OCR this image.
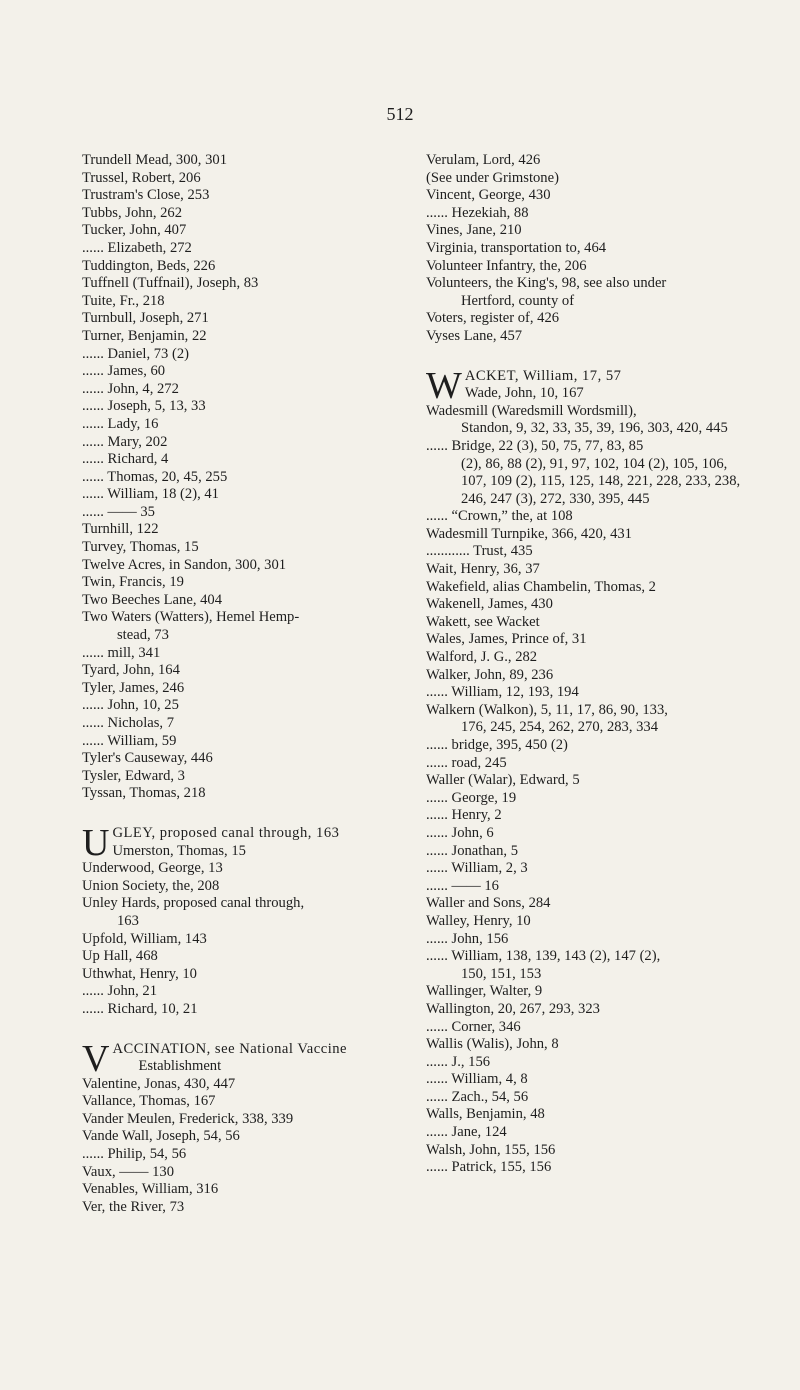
512
Trundell Mead, 300, 301
Trussel, Robert, 206
Trustram's Close, 253
Tubbs, John, 262
Tucker, John, 407
...... Elizabeth, 272
Tuddington, Beds, 226
Tuffnell (Tuffnail), Joseph, 83
Tuite, Fr., 218
Turnbull, Joseph, 271
Turner, Benjamin, 22
...... Daniel, 73 (2)
...... James, 60
...... John, 4, 272
...... Joseph, 5, 13, 33
...... Lady, 16
...... Mary, 202
...... Richard, 4
...... Thomas, 20, 45, 255
...... William, 18 (2), 41
...... —— 35
Turnhill, 122
Turvey, Thomas, 15
Twelve Acres, in Sandon, 300, 301
Twin, Francis, 19
Two Beeches Lane, 404
Two Waters (Watters), Hemel Hemp-
stead, 73
...... mill, 341
Tyard, John, 164
Tyler, James, 246
...... John, 10, 25
...... Nicholas, 7
...... William, 59
Tyler's Causeway, 446
Tysler, Edward, 3
Tyssan, Thomas, 218
U GLEY, proposed canal through, 163
Umerston, Thomas, 15
Underwood, George, 13
Union Society, the, 208
Unley Hards, proposed canal through,
163
Upfold, William, 143
Up Hall, 468
Uthwhat, Henry, 10
...... John, 21
...... Richard, 10, 21
V ACCINATION, see National Vaccine
Establishment
Valentine, Jonas, 430, 447
Vallance, Thomas, 167
Vander Meulen, Frederick, 338, 339
Vande Wall, Joseph, 54, 56
...... Philip, 54, 56
Vaux, —— 130
Venables, William, 316
Ver, the River, 73
Verulam, Lord, 426
(See under Grimstone)
Vincent, George, 430
...... Hezekiah, 88
Vines, Jane, 210
Virginia, transportation to, 464
Volunteer Infantry, the, 206
Volunteers, the King's, 98, see also under
Hertford, county of
Voters, register of, 426
Vyses Lane, 457
W ACKET, William, 17, 57
Wade, John, 10, 167
Wadesmill (Waredsmill Wordsmill),
Standon, 9, 32, 33, 35, 39, 196, 303, 420, 445
...... Bridge, 22 (3), 50, 75, 77, 83, 85
(2), 86, 88 (2), 91, 97, 102, 104 (2), 105, 106, 107, 109 (2), 115, 125, 148, 221, 228, 233, 238, 246, 247 (3), 272, 330, 395, 445
...... “Crown,” the, at 108
Wadesmill Turnpike, 366, 420, 431
............ Trust, 435
Wait, Henry, 36, 37
Wakefield, alias Chambelin, Thomas, 2
Wakenell, James, 430
Wakett, see Wacket
Wales, James, Prince of, 31
Walford, J. G., 282
Walker, John, 89, 236
...... William, 12, 193, 194
Walkern (Walkon), 5, 11, 17, 86, 90, 133,
176, 245, 254, 262, 270, 283, 334
...... bridge, 395, 450 (2)
...... road, 245
Waller (Walar), Edward, 5
...... George, 19
...... Henry, 2
...... John, 6
...... Jonathan, 5
...... William, 2, 3
...... —— 16
Waller and Sons, 284
Walley, Henry, 10
...... John, 156
...... William, 138, 139, 143 (2), 147 (2),
150, 151, 153
Wallinger, Walter, 9
Wallington, 20, 267, 293, 323
...... Corner, 346
Wallis (Walis), John, 8
...... J., 156
...... William, 4, 8
...... Zach., 54, 56
Walls, Benjamin, 48
...... Jane, 124
Walsh, John, 155, 156
...... Patrick, 155, 156
